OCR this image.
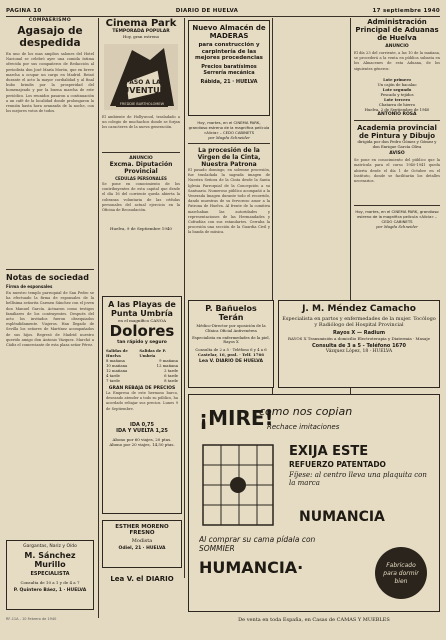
PAGINA 10	DIARIO DE HUELVA	17 septiembre 1940
COMPAERISMO
Agasajo de despedida

En uno de los mas amplios salones del Hotel Nacional se celebró ayer una comida íntima ofrecida por sus compañeros de Redacción al periodista don José María Morón, que en breve marcha a ocupar un cargo en Madrid. Reinó durante el acto la mayor cordialidad y al final hubo brindis por la prosperidad del homenajeado y por la buena marcha de este periódico. Los reunidos pasaron a continuación a un café de la localidad donde prolongaron la reunión hasta hora avanzada de la noche, con los mejores votos de todos.

Notas de sociedad
Firma de esponsales

En nuestro templo parroquial de San Pedro se ha efectuado la firma de esponsales de la bellísima señorita Carmen Sánchez con el joven don Manuel García. Actuaron como testigos familiares de los contrayentes. Después del acto los invitados fueron obsequiados espléndidamente. Viajeros. Han llegado de Sevilla los señores de Martínez acompañados de sus hijos. Regresó de Madrid nuestro querido amigo don Antonio Vázquez. Marchó a Cádiz el comerciante de esta plaza señor Pérez.

Gargantas, Nariz y Oído
M. Sánchez Murillo
ESPECIALISTA
Consulta de 10 a 1 y de 4 a 7
P. Quintero Báez, 1 · HUELVA
RF-11A - 10 Febrero de 1940
Cinema Park
TEMPORADA POPULAR
Hoy, gran estreno
PASO A LA
JUVENTUD
FREDDIE BARTHOLOMEW

El ambiente de Hollywood, trasladado a un colegio de muchachos donde se forjan los caracteres de la nueva generación.

ANUNCIO
Excma. Diputación Provincial
CEDULAS PERSONALES

Se pone en conocimiento de los contribuyentes de esta capital que desde el día 16 del corriente queda abierta la cobranza voluntaria de las cédulas personales del actual ejercicio en la Oficina de Recaudación.

Huelva, 9 de Septiembre 1940
A las Playas de Punta Umbría
en el magnífico CANOA
Dolores
tan rápido y seguro
Salidas de Huelva
Salidas de P. Umbría
8 mañana	9 mañana
10 mañana	12 mañana
12 mañana	2 tarde
4 tarde	6 tarde
7 tarde	8 tarde
GRAN REBAJA DE PRECIOS

La Empresa de este hermoso barco, deseando atender a todo su público, ha acordado rebajar sus precios. Lunes 9 de Septiembre.

IDA 0,75
IDA Y VUELTA 1,25
Abono por 60 viajes, 20 ptas.
Abono por 20 viajes, 14,50 ptas.
ESTHER MORENO FRESNO
Modista
Odiel, 21 · HUELVA
Lea V. el DIARIO
Nuevo Almacén de MADERAS
para construcción y carpintería de las mejores procedencias
Precios baratísimos
Serrería mecánica
Rábida, 21 · HUELVA
Hoy, martes, en el CINEMA PARK, grandioso estreno de la magnifica película «Alicia» – CEDO CABINETS
por Magda Schneider
La procesión de la Virgen de la Cinta, Nuestra Patrona

El pasado domingo, en solemne procesión, fue trasladada la sagrada imagen de Nuestra Señora de la Cinta desde la Santa Iglesia Parroquial de la Concepción a su Santuario. Numeroso público acompañó a la Venerada Imagen durante todo el recorrido, dando muestras de su fervoroso amor a la Patrona de Huelva. Al frente de la comitiva marchaban las autoridades y representaciones de las Hermandades y Cofradías con sus estandartes. Cerraba la procesión una sección de la Guardia Civil y la banda de música.

Administración Principal de Aduanas de Huelva
ANUNCIO

El día 23 del corriente, a las 10 de la mañana, se procederá a la venta en pública subasta en los Almacenes de esta Aduana, de los siguientes géneros:

Lote primero
Un cajón de bacalao
Lote segundo
Pescado y tejidos
Lote tercero
Chatarra de hierro
Huelva, 2 de Septiembre de 1940
ANTONIO ROSA
Academia provincial de Pintura y Dibujo
dirigida por don Pedro Gómez y Gómez y don Enrique García Oliva
AVISO

Se pone en conocimiento del público que la matrícula para el curso 1940-1941 queda abierta desde el día 1 de Octubre en el Instituto, donde se facilitarán los detalles necesarios.

Hoy, martes, en el CINEMA PARK, grandioso estreno de la magnifica película «Alicia» – CEDO CABINETS
por Magda Schneider
P. Bañuelos Terán
Médico-Director por oposición de la Clínica Oficial Antivenérea
Especialista en enfermedades de la piel, Rayos X
Consulta de 2 a 5 · Teléfono 6 y 4 a 6
Castelar, 16, pral. · Telf. 1766
Lea V. DIARIO DE HUELVA
J. M. Méndez Camacho
Especialista en partos y enfermedades de la mujer. Tocólogo y Radiólogo del Hospital Provincial
Rayos X — Radium
RAYOS X Transmisión a domicilio Electroterapia y Diatermia · Masaje
Consulta de 3 a 5 - Teléfono 1670
Vázquez López, 18 · HUELVA
¡MIRE!
como nos copian
Rechace imitaciones
EXIJA ESTE
REFUERZO PATENTADO
Fíjese: al centro lleva una plaquita con la marca
NUMANCIA
Al comprar su cama pídala con SOMMIER
HUMANCIA·	Fabricado
para dormir
bien
De venta en toda España, en Casas de CAMAS Y MUEBLES
